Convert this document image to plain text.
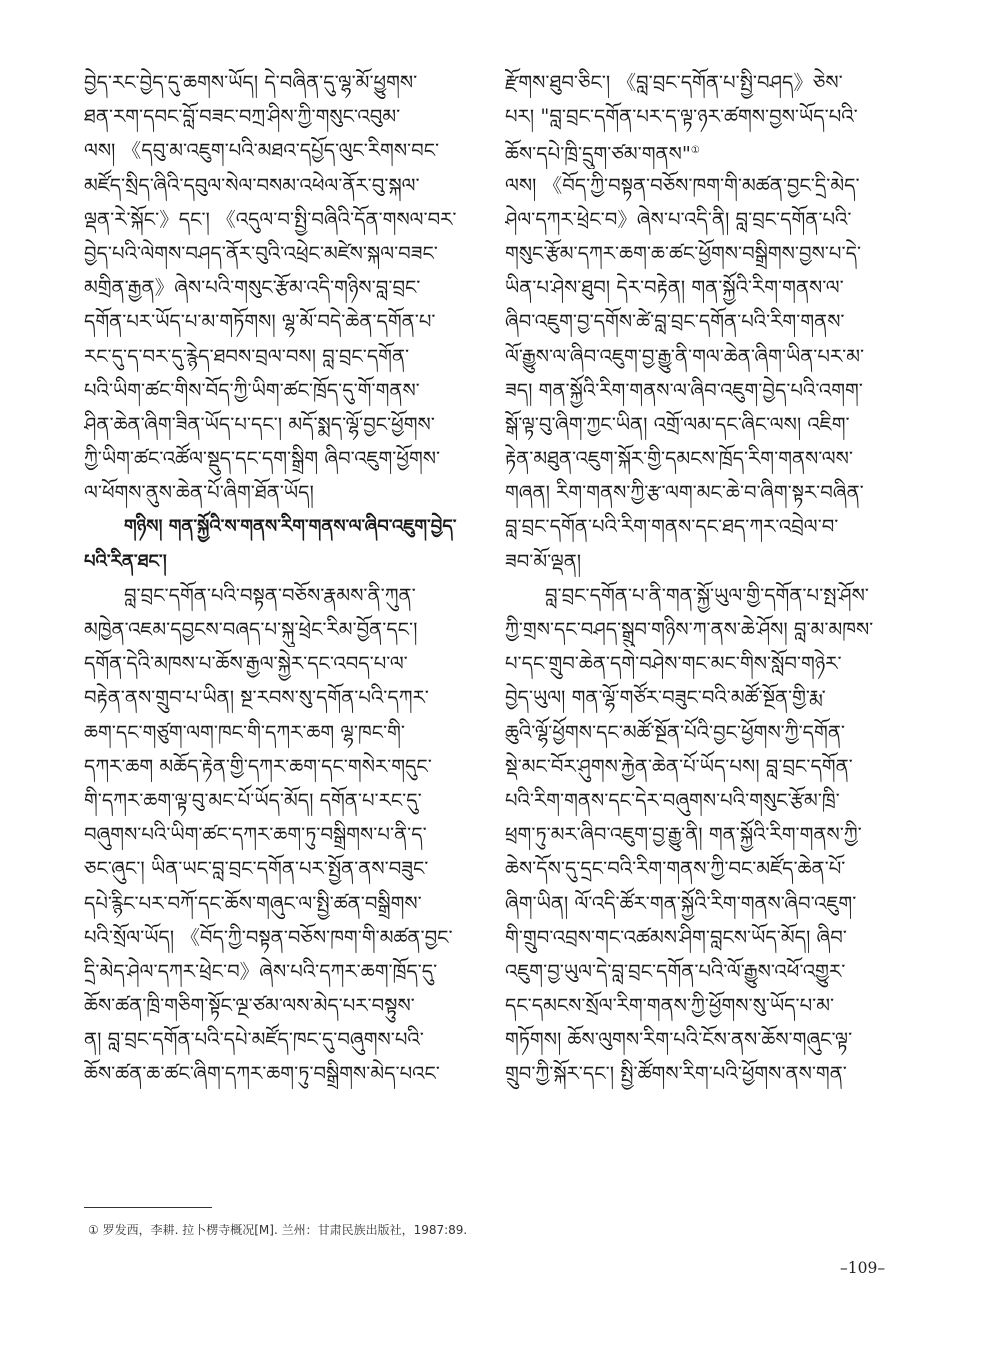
བྱེད་རང་བྱེད་དུ་ཆགས་ཡོད། དེ་བཞིན་དུ་ལྷ་མོ་ཕྱུགས་
ཐན་རག་དབང་བློ་བཟང་བཀྲ་ཤིས་ཀྱི་གསུང་འབུམ་
ལས། 《དབུ་མ་འཇུག་པའི་མཐའ་དཔྱོད་ལུང་རིགས་བང་
མཛོད་སྲིད་ཞིའི་དབུལ་སེལ་བསམ་འཕེལ་ནོར་བུ་སྐལ་
ལྡན་རེ་སྐོང་》དང་། 《འདུལ་བ་སྤྱི་བཞིའི་དོན་གསལ་བར་
བྱེད་པའི་ལེགས་བཤད་ནོར་བུའི་འཕྲེང་མཛེས་སྐལ་བཟང་
མགྲིན་རྒྱན》ཞེས་པའི་གསུང་རྩོམ་འདི་གཉིས་བླ་བྲང་
དགོན་པར་ཡོད་པ་མ་གཏོགས། ལྷ་མོ་བདེ་ཆེན་དགོན་པ་
རང་དུ་ད་བར་དུ་རྙེད་ཐབས་བྲལ་བས། བླ་བྲང་དགོན་
པའི་ཡིག་ཚང་གིས་བོད་ཀྱི་ཡིག་ཚང་ཁྲོད་དུ་གོ་གནས་
ཤིན་ཆེན་ཞིག་ཟིན་ཡོད་པ་དང་། མདོ་སྨད་ལྷོ་བྱང་ཕྱོགས་
ཀྱི་ཡིག་ཚང་འཚོལ་སྡུད་དང་དག་སྒྲིག ཞིབ་འཇུག་ཕྱོགས་
ལ་ཕོགས་ནུས་ཆེན་པོ་ཞིག་ཐོན་ཡོད།
གཉིས། གན་སྐྱོའི་ས་གནས་རིག་གནས་ལ་ཞིབ་འཇུག་བྱེད་
པའི་རིན་ཐང་།
བླ་བྲང་དགོན་པའི་བསྟན་བཅོས་རྣམས་ནི་ཀུན་
མཁྱེན་འཇམ་དབྱངས་བཞད་པ་སྐུ་ཕྲེང་རིམ་བྱོན་དང་།
དགོན་དེའི་མཁས་པ་ཆོས་རྒྱལ་སྐྱེར་དང་འབད་པ་ལ་
བརྟེན་ནས་གྲུབ་པ་ཡིན། སྔ་རབས་སུ་དགོན་པའི་དཀར་
ཆག་དང་གཙུག་ལག་ཁང་གི་དཀར་ཆག ལྷ་ཁང་གི་
དཀར་ཆག མཆོད་རྟེན་གྱི་དཀར་ཆག་དང་གསེར་གདུང་
གི་དཀར་ཆག་ལྟ་བུ་མང་པོ་ཡོད་མོད། དགོན་པ་རང་དུ་
བཞུགས་པའི་ཡིག་ཚང་དཀར་ཆག་ཏུ་བསྒྲིགས་པ་ནི་ད་
ཅང་ཞུང་། ཡིན་ཡང་བླ་བྲང་དགོན་པར་སྤྱོན་ནས་བཟུང་
དཔེ་རྙིང་པར་བཀོ་དང་ཆོས་གཞུང་ལ་སྤྱི་ཚན་བསྒྲིགས་
པའི་སྲོལ་ཡོད། 《བོད་ཀྱི་བསྟན་བཅོས་ཁག་གི་མཚན་བྱང་
དྲི་མེད་ཤེལ་དཀར་ཕྲེང་བ》ཞེས་པའི་དཀར་ཆག་ཁྲོད་དུ་
ཆོས་ཚན་ཁྲི་གཅིག་སྟོང་ལྔ་ཙམ་ལས་མེད་པར་བསྟུས་
ན། བླ་བྲང་དགོན་པའི་དཔེ་མཛོད་ཁང་དུ་བཞུགས་པའི་
ཆོས་ཚན་ཆ་ཚང་ཞིག་དཀར་ཆག་ཏུ་བསྒྲིགས་མེད་པའང་
རྫོགས་ཐུབ་ཅིང་། 《བླ་བྲང་དགོན་པ་སྤྱི་བཤད》ཅེས་
པར། "བླ་བྲང་དགོན་པར་ད་ལྟ་ཉར་ཚགས་བྱས་ཡོད་པའི་
ཆོས་དཔེ་ཁྲི་དྲུག་ཙམ་གནས"①
ལས། 《བོད་ཀྱི་བསྟན་བཅོས་ཁག་གི་མཚན་བྱང་དྲི་མེད་
ཤེལ་དཀར་ཕྲེང་བ》ཞེས་པ་འདི་ནི། བླ་བྲང་དགོན་པའི་
གསུང་རྩོམ་དཀར་ཆག་ཆ་ཚང་ཕྱོགས་བསྒྲིགས་བྱས་པ་དེ་
ཡིན་པ་ཤེས་ཐུབ། དེར་བརྟེན། གན་སྐྱོའི་རིག་གནས་ལ་
ཞིབ་འཇུག་བྱ་དགོས་ཚེ་བླ་བྲང་དགོན་པའི་རིག་གནས་
ལོ་རྒྱུས་ལ་ཞིབ་འཇུག་བྱ་རྒྱུ་ནི་གལ་ཆེན་ཞིག་ཡིན་པར་མ་
ཟད། གན་སྐྱོའི་རིག་གནས་ལ་ཞིབ་འཇུག་བྱེད་པའི་འགག་
སྒོ་ལྟ་བུ་ཞིག་ཀྱང་ཡིན། འགྲོ་ལམ་དང་ཞིང་ལས། འཇིག་
རྟེན་མཐུན་འཇུག་སྐོར་གྱི་དམངས་ཁྲོད་རིག་གནས་ལས་
གཞན། རིག་གནས་ཀྱི་རྩ་ལག་མང་ཆེ་བ་ཞིག་སྟར་བཞིན་
བླ་བྲང་དགོན་པའི་རིག་གནས་དང་ཐད་ཀར་འབྲེལ་བ་
ཟབ་མོ་ལྡན།
བླ་བྲང་དགོན་པ་ནི་གན་སྐྱོ་ཡུལ་གྱི་དགོན་པ་སྤ་ཤོས་
ཀྱི་གྲས་དང་བཤད་སྒྲུབ་གཉིས་ཀ་ནས་ཆེ་ཤོས། བླ་མ་མཁས་
པ་དང་གྲུབ་ཆེན་དགེ་བཤེས་གང་མང་གིས་སློབ་གཉེར་
བྱེད་ཡུལ། གན་ལྷོ་གཙོར་བཟུང་བའི་མཚོ་སྔོན་གྱི་རྨ་
ཆུའི་ལྷོ་ཕྱོགས་དང་མཚོ་སྔོན་པོའི་བྱང་ཕྱོགས་ཀྱི་དགོན་
སྡེ་མང་བོར་ཤུགས་རྐྱེན་ཆེན་པོ་ཡོད་པས། བླ་བྲང་དགོན་
པའི་རིག་གནས་དང་དེར་བཞུགས་པའི་གསུང་རྩོམ་ཁྲི་
ཕྲག་ཏུ་མར་ཞིབ་འཇུག་བྱ་རྒྱུ་ནི། གན་སྐྱོའི་རིག་གནས་ཀྱི་
ཆེས་དོས་དུ་དྲང་བའི་རིག་གནས་ཀྱི་བང་མཛོད་ཆེན་པོ་
ཞིག་ཡིན། ལོ་འདི་ཚོར་གན་སྐྱོའི་རིག་གནས་ཞིབ་འཇུག་
གི་གྲུབ་འབྲས་གང་འཚམས་ཤིག་བླངས་ཡོད་མོད། ཞིབ་
འཇུག་བྱ་ཡུལ་དེ་བླ་བྲང་དགོན་པའི་ལོ་རྒྱུས་འཕོ་འགྱུར་
དང་དམངས་སྲོལ་རིག་གནས་ཀྱི་ཕྱོགས་སུ་ཡོད་པ་མ་
གཏོགས། ཆོས་ལུགས་རིག་པའི་ངོས་ནས་ཆོས་གཞུང་ལྟ་
གྲུབ་ཀྱི་སྐོར་དང་། སྤྱི་ཚོགས་རིག་པའི་ཕྱོགས་ནས་གན་
① 罗发西，李耕. 拉卜楞寺概况[M]. 兰州：甘肃民族出版社，1987:89.
–109–
